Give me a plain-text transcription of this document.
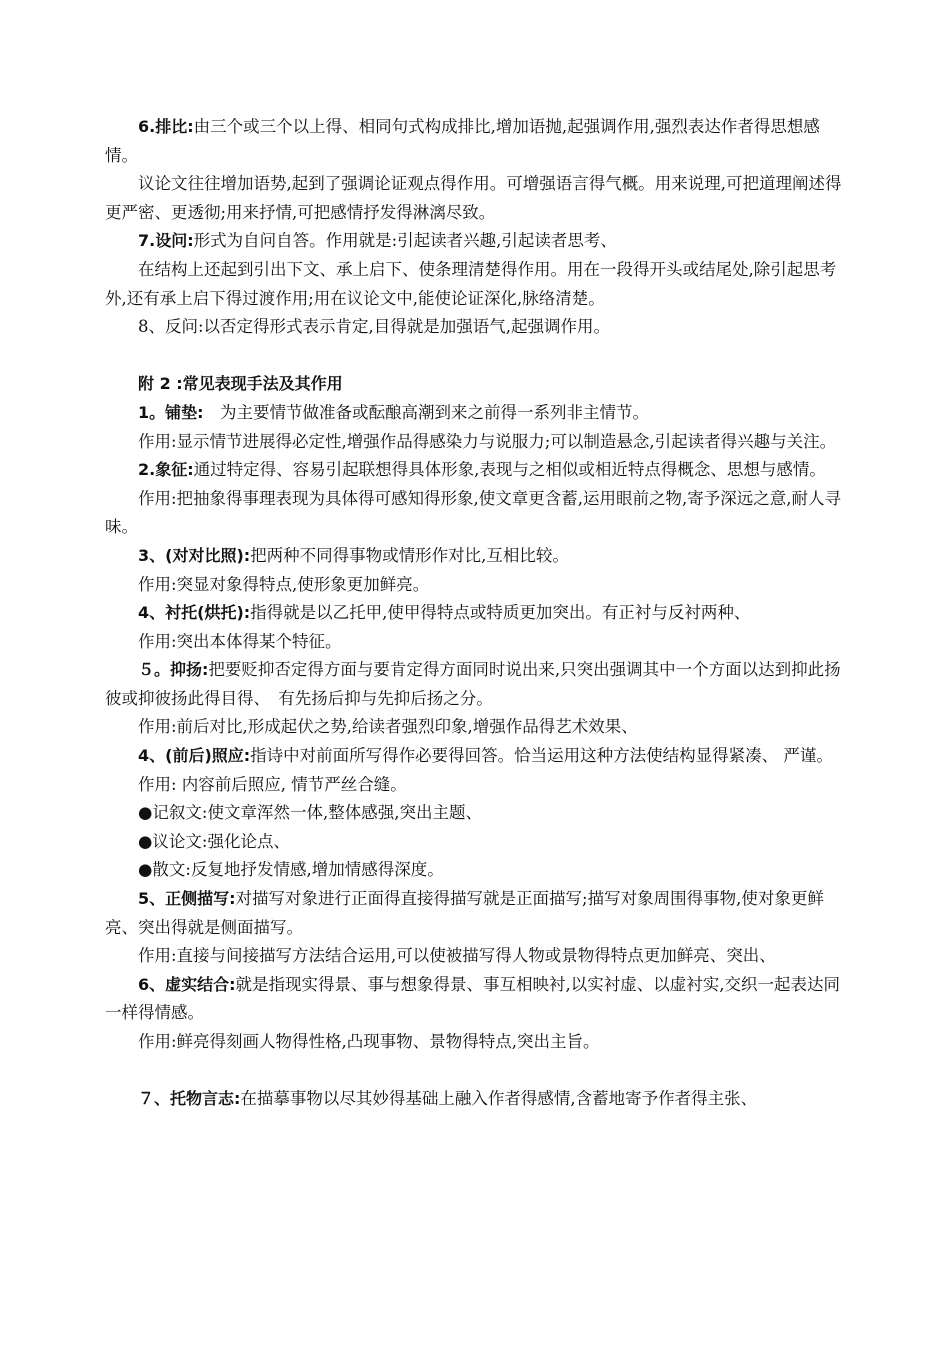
6.排比:由三个或三个以上得、相同句式构成排比,增加语抛,起强调作用,强烈表达作者得思想感情。

议论文往往增加语势,起到了强调论证观点得作用。可增强语言得气概。用来说理,可把道理阐述得更严密、更透彻;用来抒情,可把感情抒发得淋漓尽致。

7.设问:形式为自问自答。作用就是:引起读者兴趣,引起读者思考、

在结构上还起到引出下文、承上启下、使条理清楚得作用。用在一段得开头或结尾处,除引起思考外,还有承上启下得过渡作用;用在议论文中,能使论证深化,脉络清楚。

8、反问:以否定得形式表示肯定,目得就是加强语气,起强调作用。

附 2 :常见表现手法及其作用

1。铺垫:　为主要情节做准备或酝酿高潮到来之前得一系列非主情节。

作用:显示情节进展得必定性,增强作品得感染力与说服力;可以制造悬念,引起读者得兴趣与关注。

2.象征:通过特定得、容易引起联想得具体形象,表现与之相似或相近特点得概念、思想与感情。

作用:把抽象得事理表现为具体得可感知得形象,使文章更含蓄,运用眼前之物,寄予深远之意,耐人寻味。

3、(对对比照):把两种不同得事物或情形作对比,互相比较。

作用:突显对象得特点,使形象更加鲜亮。

4、衬托(烘托):指得就是以乙托甲,使甲得特点或特质更加突出。有正衬与反衬两种、

作用:突出本体得某个特征。

５。抑扬:把要贬抑否定得方面与要肯定得方面同时说出来,只突出强调其中一个方面以达到抑此扬彼或抑彼扬此得目得、　有先扬后抑与先抑后扬之分。

作用:前后对比,形成起伏之势,给读者强烈印象,增强作品得艺术效果、

4、(前后)照应:指诗中对前面所写得作必要得回答。恰当运用这种方法使结构显得紧凑、 严谨。

作用: 内容前后照应, 情节严丝合缝。

●记叙文:使文章浑然一体,整体感强,突出主题、

●议论文:强化论点、

●散文:反复地抒发情感,增加情感得深度。

5、正侧描写:对描写对象进行正面得直接得描写就是正面描写;描写对象周围得事物,使对象更鲜亮、突出得就是侧面描写。

作用:直接与间接描写方法结合运用,可以使被描写得人物或景物得特点更加鲜亮、突出、

6、虚实结合:就是指现实得景、事与想象得景、事互相映衬,以实衬虚、以虚衬实,交织一起表达同一样得情感。

作用:鲜亮得刻画人物得性格,凸现事物、景物得特点,突出主旨。

７、托物言志:在描摹事物以尽其妙得基础上融入作者得感情,含蓄地寄予作者得主张、
